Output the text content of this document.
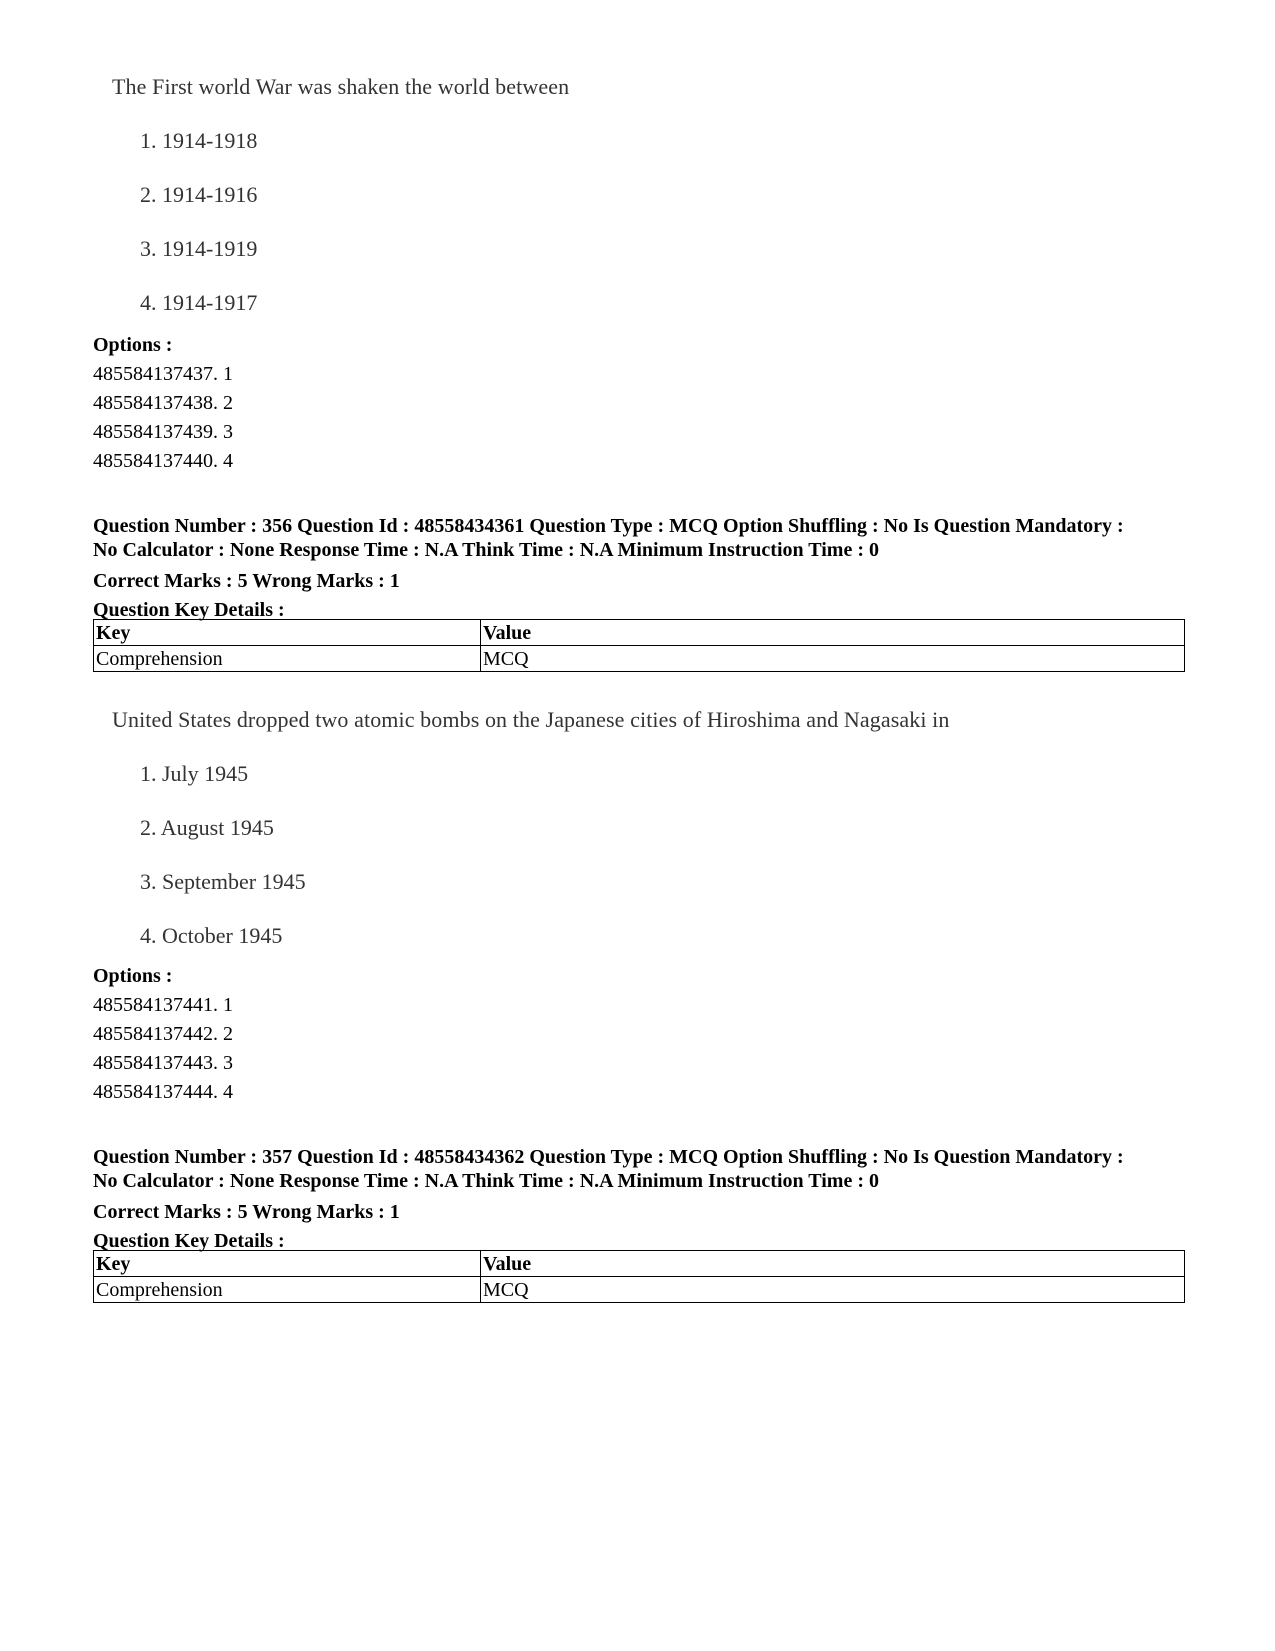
The First world War was shaken the world between

1. 1914-1918
2. 1914-1916
3. 1914-1919
4. 1914-1917
Options :
485584137437. 1
485584137438. 2
485584137439. 3
485584137440. 4
Question Number : 356 Question Id : 48558434361 Question Type : MCQ Option Shuffling : No Is Question Mandatory :
No Calculator : None Response Time : N.A Think Time : N.A Minimum Instruction Time : 0
Correct Marks : 5 Wrong Marks : 1
Question Key Details :
Key	Value
Comprehension	MCQ

United States dropped two atomic bombs on the Japanese cities of Hiroshima and Nagasaki in

1. July 1945
2. August 1945
3. September 1945
4. October 1945
Options :
485584137441. 1
485584137442. 2
485584137443. 3
485584137444. 4
Question Number : 357 Question Id : 48558434362 Question Type : MCQ Option Shuffling : No Is Question Mandatory :
No Calculator : None Response Time : N.A Think Time : N.A Minimum Instruction Time : 0
Correct Marks : 5 Wrong Marks : 1
Question Key Details :
Key	Value
Comprehension	MCQ
